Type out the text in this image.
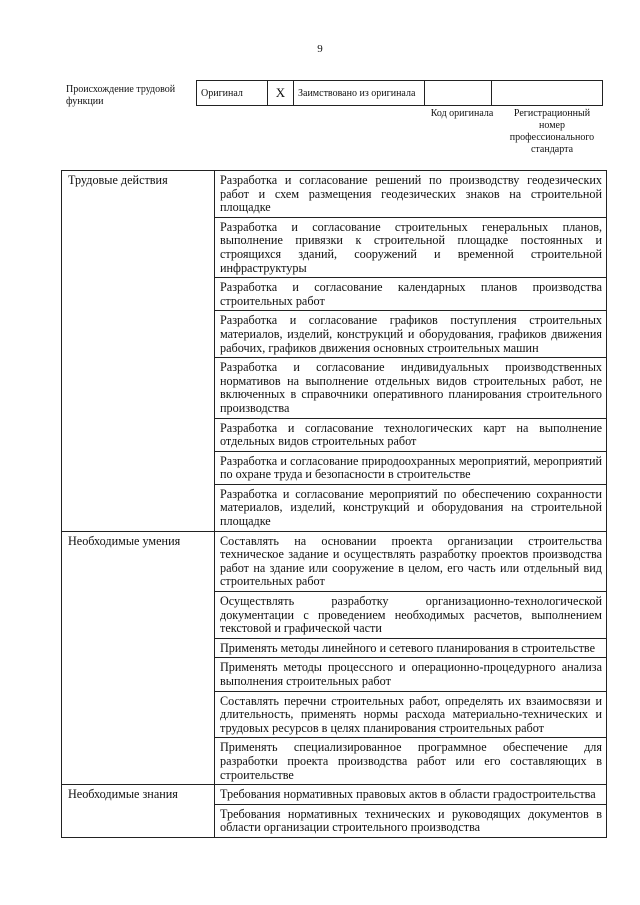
9
Происхождение трудовой функции
Оригинал	X	Заимствовано из оригинала		
Код оригинала	Регистрационный номер профессионального стандарта
Трудовые действия	Разработка и согласование решений по производству геодезических работ и схем размещения геодезических знаков на строительной площадке
	Разработка и согласование строительных генеральных планов, выполнение привязки к строительной площадке постоянных и строящихся зданий, сооружений и временной строительной инфраструктуры
	Разработка и согласование календарных планов производства строительных работ
	Разработка и согласование графиков поступления строительных материалов, изделий, конструкций и оборудования, графиков движения рабочих, графиков движения основных строительных машин
	Разработка и согласование индивидуальных производственных нормативов на выполнение отдельных видов строительных работ, не включенных в справочники оперативного планирования строительного производства
	Разработка и согласование технологических карт на выполнение отдельных видов строительных работ
	Разработка и согласование природоохранных мероприятий, мероприятий по охране труда и безопасности в строительстве
	Разработка и согласование мероприятий по обеспечению сохранности материалов, изделий, конструкций и оборудования на строительной площадке
Необходимые умения	Составлять на основании проекта организации строительства техническое задание и осуществлять разработку проектов производства работ на здание или сооружение в целом, его часть или отдельный вид строительных работ
	Осуществлять разработку организационно-технологической документации с проведением необходимых расчетов, выполнением текстовой и графической части
	Применять методы линейного и сетевого планирования в строительстве
	Применять методы процессного и операционно-процедурного анализа выполнения строительных работ
	Составлять перечни строительных работ, определять их взаимосвязи и длительность, применять нормы расхода материально-технических и трудовых ресурсов в целях планирования строительных работ
	Применять специализированное программное обеспечение для разработки проекта производства работ или его составляющих в строительстве
Необходимые знания	Требования нормативных правовых актов в области градостроительства
	Требования нормативных технических и руководящих документов в области организации строительного производства
